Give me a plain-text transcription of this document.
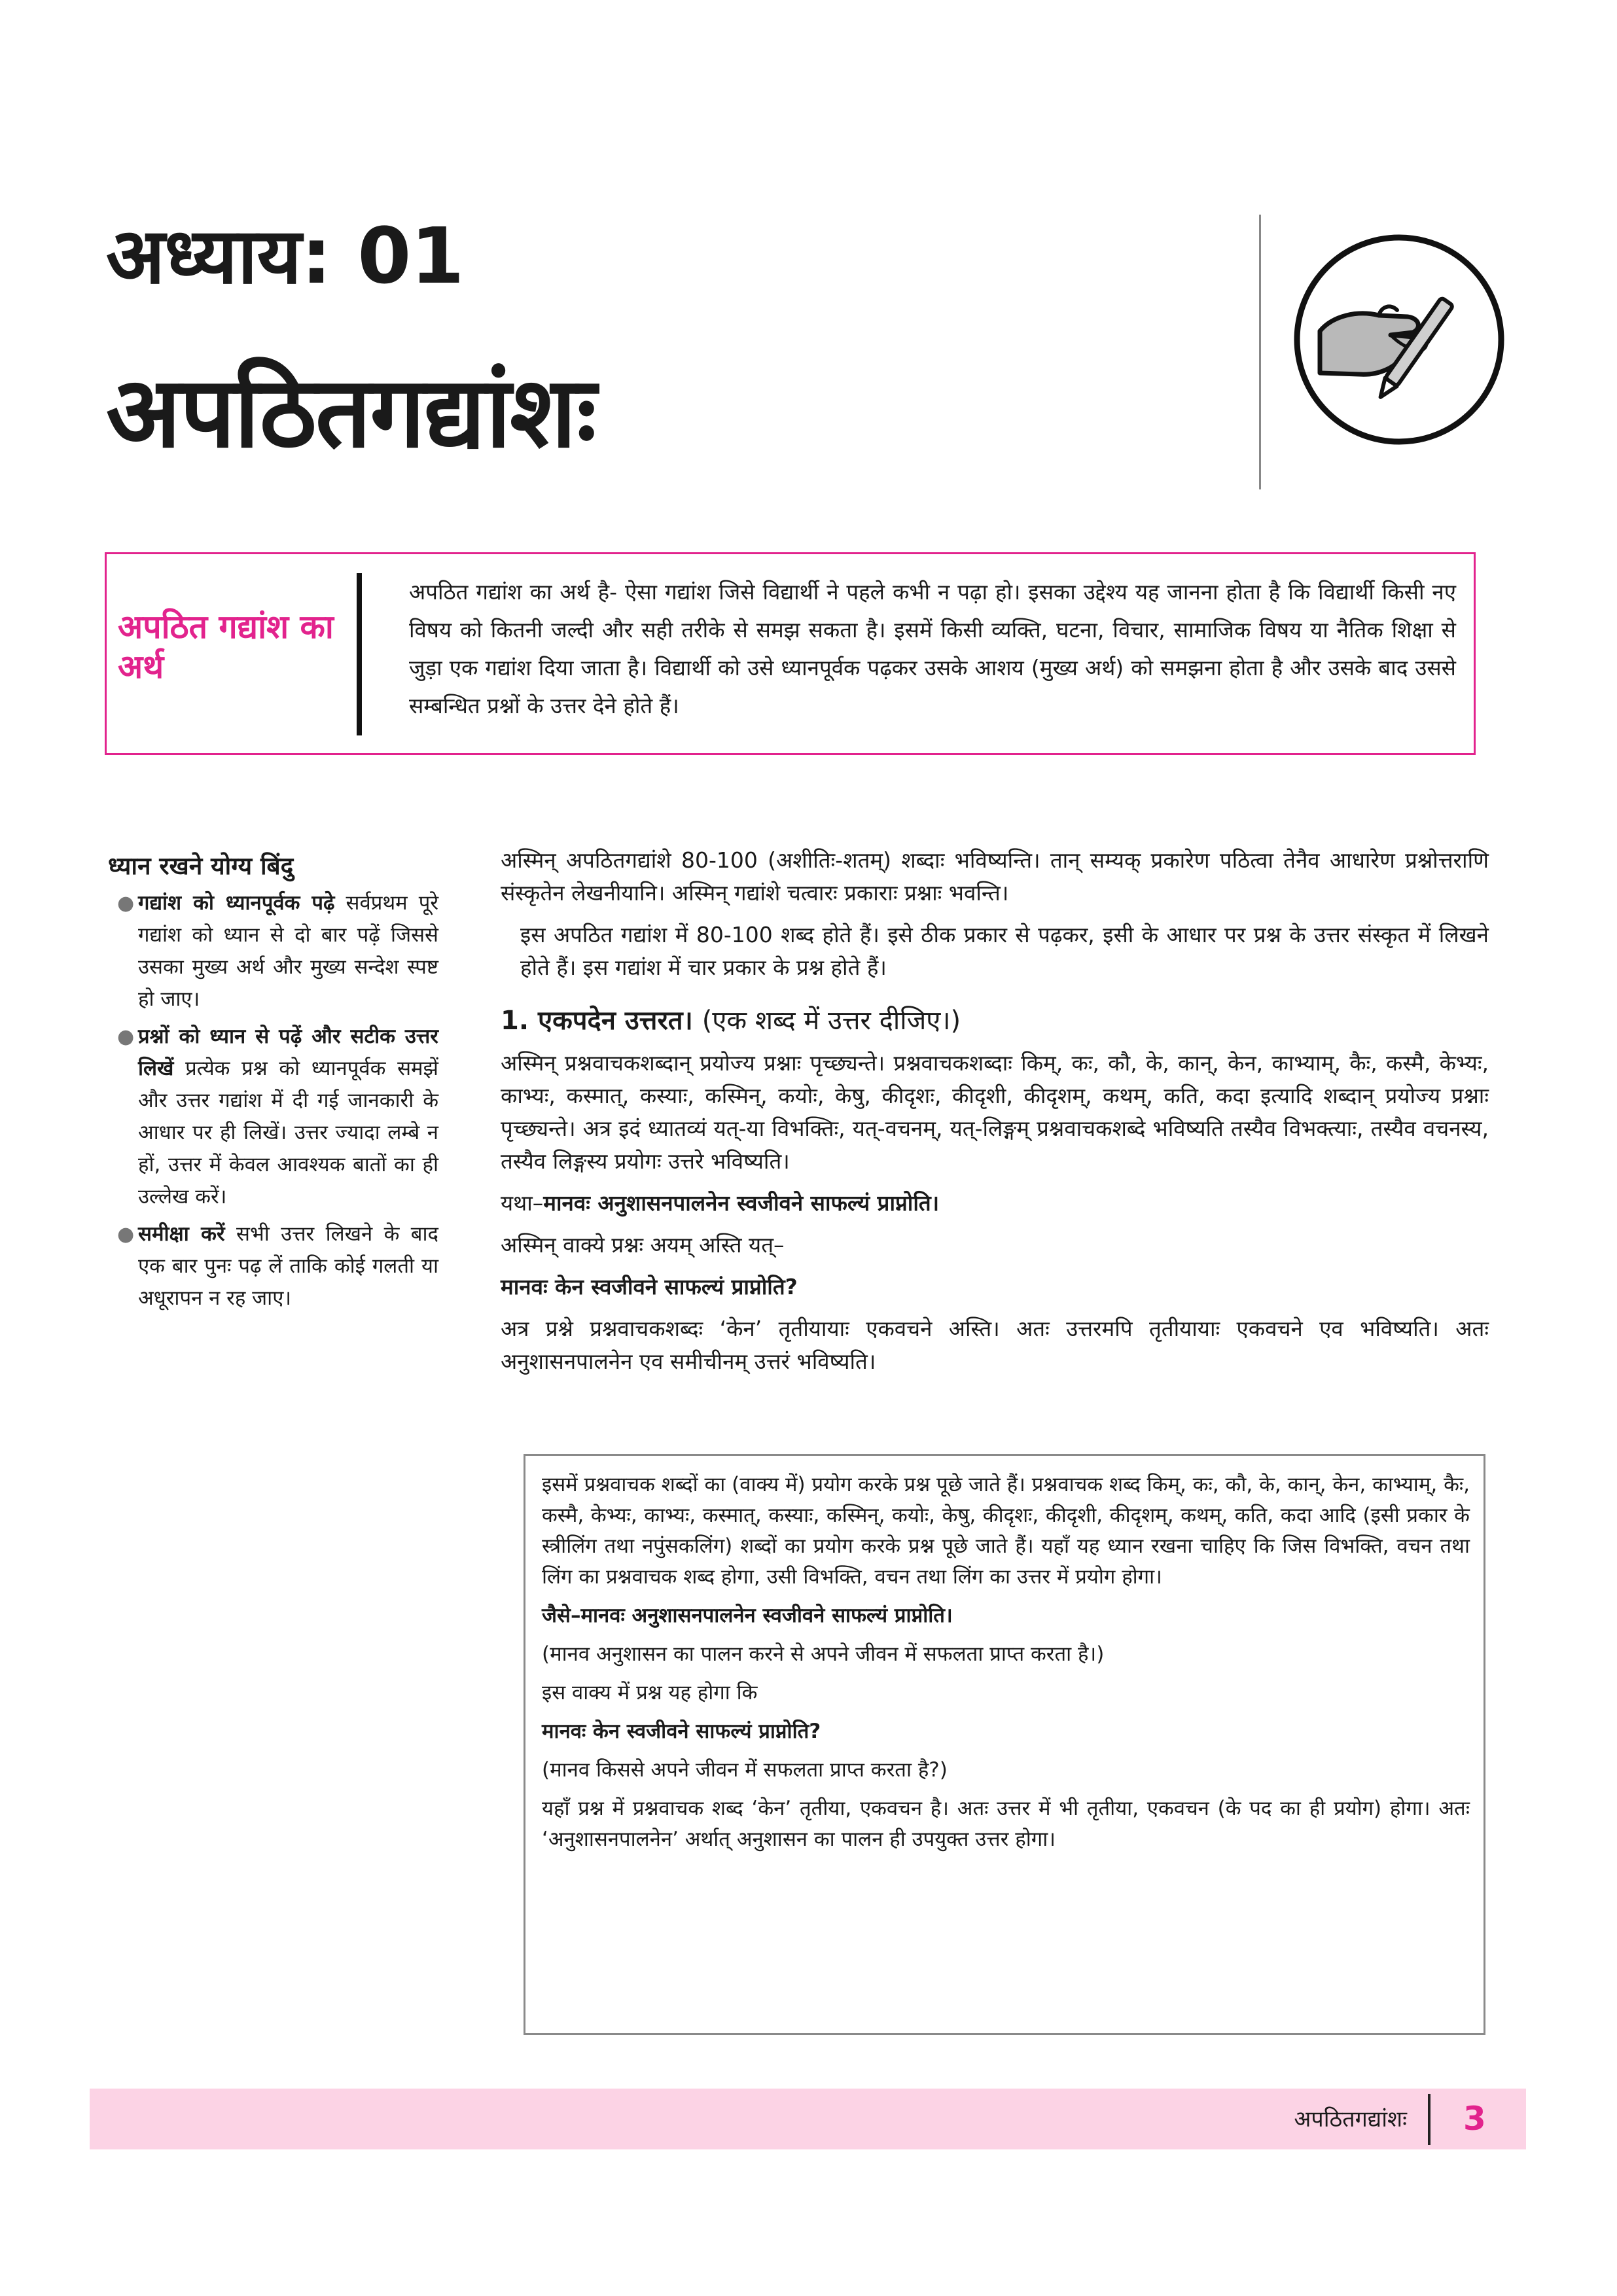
अध्याय: 01
अपठितगद्यांशः
अपठित गद्यांश का अर्थ
अपठित गद्यांश का अर्थ है- ऐसा गद्यांश जिसे विद्यार्थी ने पहले कभी न पढ़ा हो। इसका उद्देश्य यह जानना होता है कि विद्यार्थी किसी नए विषय को कितनी जल्दी और सही तरीके से समझ सकता है। इसमें किसी व्यक्ति, घटना, विचार, सामाजिक विषय या नैतिक शिक्षा से जुड़ा एक गद्यांश दिया जाता है। विद्यार्थी को उसे ध्यानपूर्वक पढ़कर उसके आशय (मुख्य अर्थ) को समझना होता है और उसके बाद उससे सम्बन्धित प्रश्नों के उत्तर देने होते हैं।
ध्यान रखने योग्य बिंदु
● गद्यांश को ध्यानपूर्वक पढ़े सर्वप्रथम पूरे गद्यांश को ध्यान से दो बार पढ़ें जिससे उसका मुख्य अर्थ और मुख्य सन्देश स्पष्ट हो जाए।
● प्रश्नों को ध्यान से पढ़ें और सटीक उत्तर लिखें प्रत्येक प्रश्न को ध्यानपूर्वक समझें और उत्तर गद्यांश में दी गई जानकारी के आधार पर ही लिखें। उत्तर ज्यादा लम्बे न हों, उत्तर में केवल आवश्यक बातों का ही उल्लेख करें।
● समीक्षा करें सभी उत्तर लिखने के बाद एक बार पुनः पढ़ लें ताकि कोई गलती या अधूरापन न रह जाए।

अस्मिन् अपठितगद्यांशे 80-100 (अशीतिः-शतम्) शब्दाः भविष्यन्ति। तान् सम्यक् प्रकारेण पठित्वा तेनैव आधारेण प्रश्नोत्तराणि संस्कृतेन लेखनीयानि। अस्मिन् गद्यांशे चत्वारः प्रकाराः प्रश्नाः भवन्ति।

इस अपठित गद्यांश में 80-100 शब्द होते हैं। इसे ठीक प्रकार से पढ़कर, इसी के आधार पर प्रश्न के उत्तर संस्कृत में लिखने होते हैं। इस गद्यांश में चार प्रकार के प्रश्न होते हैं।

1. एकपदेन उत्तरत। (एक शब्द में उत्तर दीजिए।)

अस्मिन् प्रश्नवाचकशब्दान् प्रयोज्य प्रश्नाः पृच्छ्यन्ते। प्रश्नवाचकशब्दाः किम्, कः, कौ, के, कान्, केन, काभ्याम्, कैः, कस्मै, केभ्यः, काभ्यः, कस्मात्, कस्याः, कस्मिन्, कयोः, केषु, कीदृशः, कीदृशी, कीदृशम्, कथम्, कति, कदा इत्यादि शब्दान् प्रयोज्य प्रश्नाः पृच्छ्यन्ते। अत्र इदं ध्यातव्यं यत्-या विभक्तिः, यत्-वचनम्, यत्-लिङ्गम् प्रश्नवाचकशब्दे भविष्यति तस्यैव विभक्त्याः, तस्यैव वचनस्य, तस्यैव लिङ्गस्य प्रयोगः उत्तरे भविष्यति।

यथा–मानवः अनुशासनपालनेन स्वजीवने साफल्यं प्राप्नोति।

अस्मिन् वाक्ये प्रश्नः अयम् अस्ति यत्–

मानवः केन स्वजीवने साफल्यं प्राप्नोति?

अत्र प्रश्ने प्रश्नवाचकशब्दः ‘केन’ तृतीयायाः एकवचने अस्ति। अतः उत्तरमपि तृतीयायाः एकवचने एव भविष्यति। अतः अनुशासनपालनेन एव समीचीनम् उत्तरं भविष्यति।

इसमें प्रश्नवाचक शब्दों का (वाक्य में) प्रयोग करके प्रश्न पूछे जाते हैं। प्रश्नवाचक शब्द किम्, कः, कौ, के, कान्, केन, काभ्याम्, कैः, कस्मै, केभ्यः, काभ्यः, कस्मात्, कस्याः, कस्मिन्, कयोः, केषु, कीदृशः, कीदृशी, कीदृशम्, कथम्, कति, कदा आदि (इसी प्रकार के स्त्रीलिंग तथा नपुंसकलिंग) शब्दों का प्रयोग करके प्रश्न पूछे जाते हैं। यहाँ यह ध्यान रखना चाहिए कि जिस विभक्ति, वचन तथा लिंग का प्रश्नवाचक शब्द होगा, उसी विभक्ति, वचन तथा लिंग का उत्तर में प्रयोग होगा।

जैसे–मानवः अनुशासनपालनेन स्वजीवने साफल्यं प्राप्नोति।

(मानव अनुशासन का पालन करने से अपने जीवन में सफलता प्राप्त करता है।)

इस वाक्य में प्रश्न यह होगा कि

मानवः केन स्वजीवने साफल्यं प्राप्नोति?

(मानव किससे अपने जीवन में सफलता प्राप्त करता है?)

यहाँ प्रश्न में प्रश्नवाचक शब्द ‘केन’ तृतीया, एकवचन है। अतः उत्तर में भी तृतीया, एकवचन (के पद का ही प्रयोग) होगा। अतः ‘अनुशासनपालनेन’ अर्थात् अनुशासन का पालन ही उपयुक्त उत्तर होगा।

अपठितगद्यांशः 3
